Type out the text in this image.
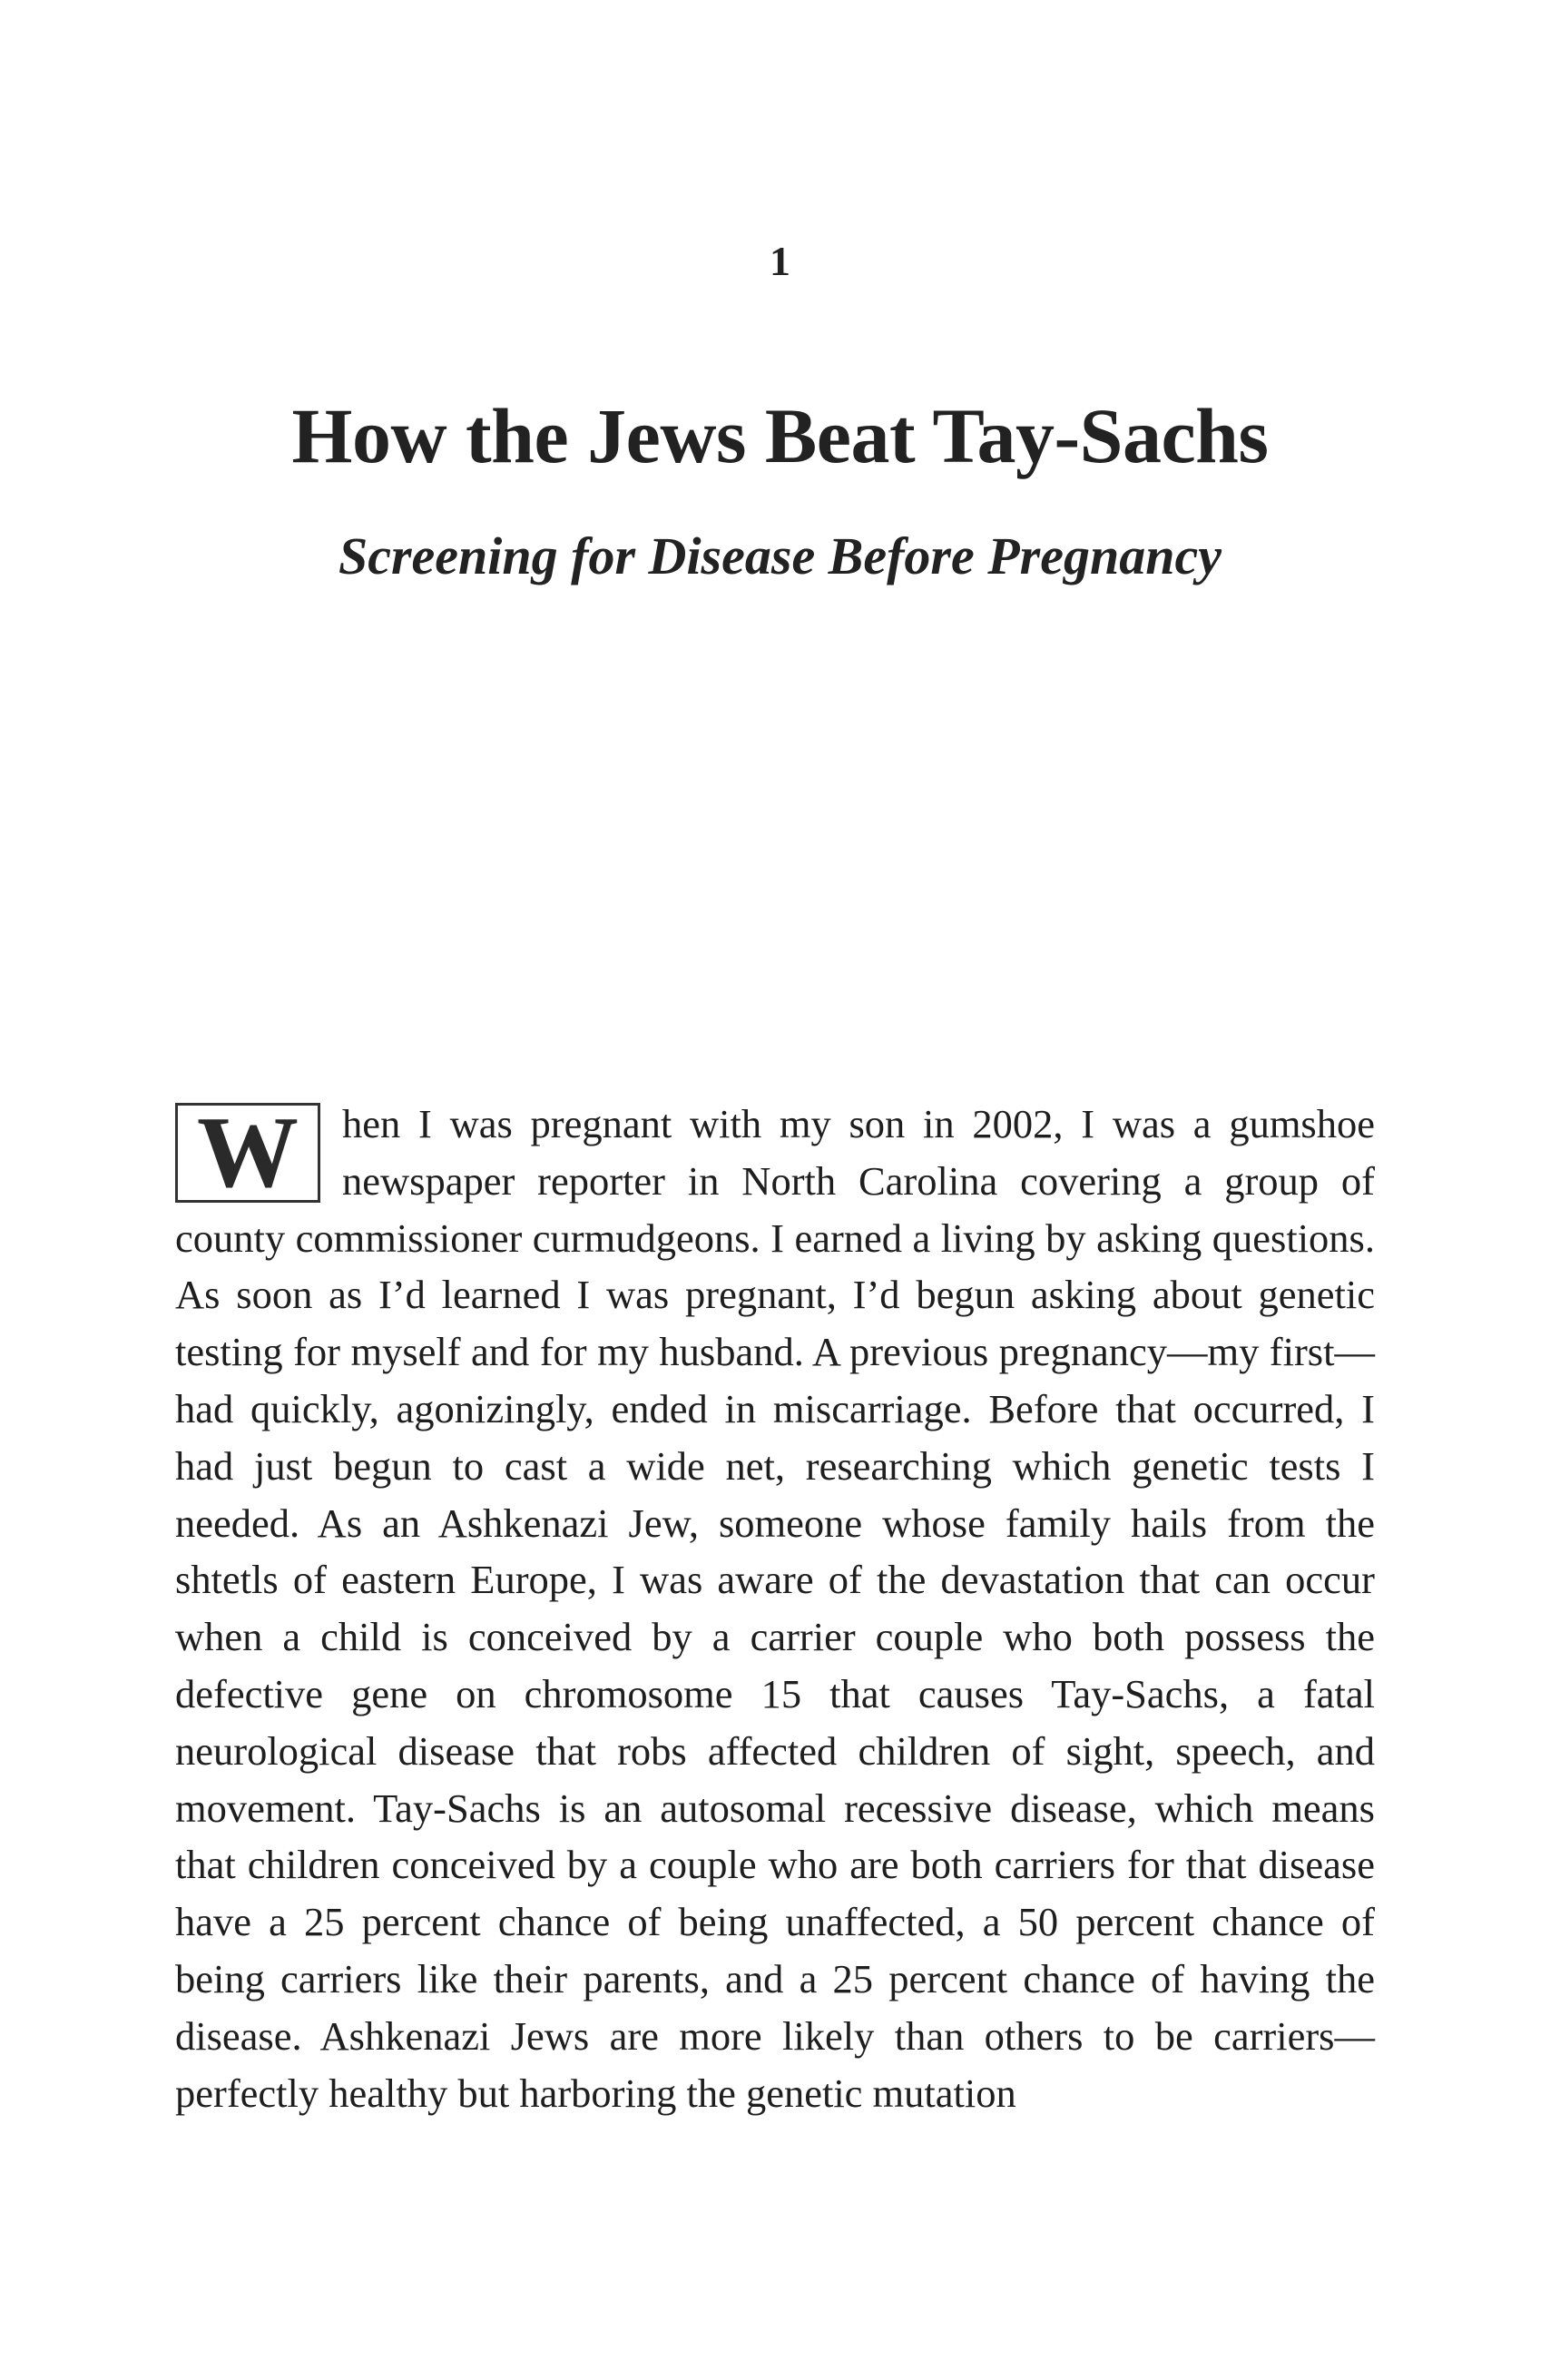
1
How the Jews Beat Tay-Sachs
Screening for Disease Before Pregnancy

W	hen I was pregnant with my son in 2002, I was a gumshoe newspaper reporter in North Carolina covering a group of county commissioner curmudgeons. I earned a living by asking questions. As soon as I’d learned I was pregnant, I’d begun asking about genetic testing for myself and for my husband. A previous pregnancy—my first—had quickly, agonizingly, ended in miscarriage. Before that occurred, I had just begun to cast a wide net, researching which genetic tests I needed. As an Ashkenazi Jew, someone whose family hails from the shtetls of eastern Europe, I was aware of the devastation that can occur when a child is conceived by a carrier couple who both possess the defective gene on chromosome 15 that causes Tay-Sachs, a fatal neurological disease that robs affected children of sight, speech, and movement. Tay-Sachs is an autosomal recessive disease, which means that children conceived by a couple who are both carriers for that disease have a 25 percent chance of being unaffected, a 50 percent chance of being carriers like their parents, and a 25 percent chance of having the disease. Ashkenazi Jews are more likely than others to be carriers—perfectly healthy but harboring the genetic mutation
